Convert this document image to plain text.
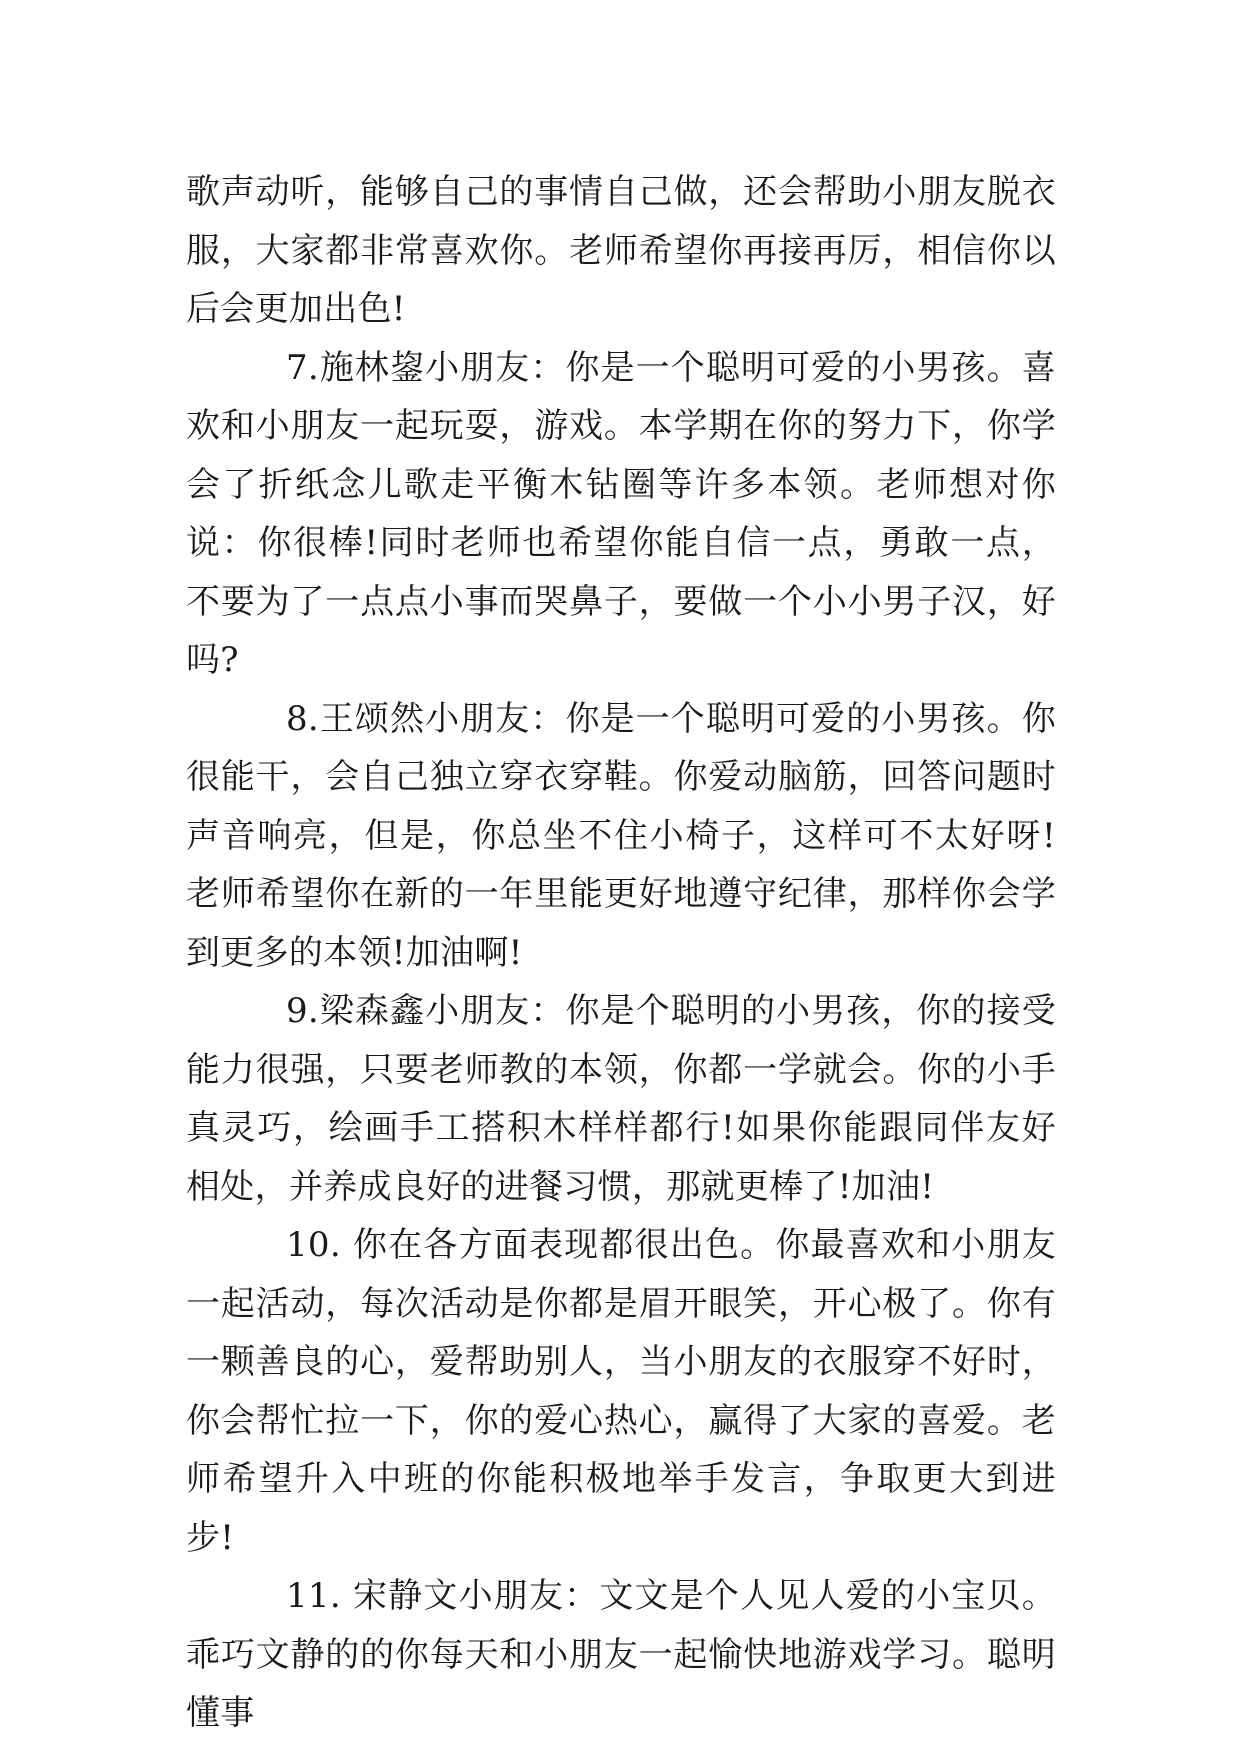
歌声动听，能够自己的事情自己做，还会帮助小朋友脱衣服，大家都非常喜欢你。老师希望你再接再厉，相信你以后会更加出色!

7.施林鋆小朋友：你是一个聪明可爱的小男孩。喜欢和小朋友一起玩耍，游戏。本学期在你的努力下，你学会了折纸念儿歌走平衡木钻圈等许多本领。老师想对你说：你很棒!同时老师也希望你能自信一点，勇敢一点，不要为了一点点小事而哭鼻子，要做一个小小男子汉，好吗?

8.王颂然小朋友：你是一个聪明可爱的小男孩。你很能干，会自己独立穿衣穿鞋。你爱动脑筋，回答问题时声音响亮，但是，你总坐不住小椅子，这样可不太好呀!老师希望你在新的一年里能更好地遵守纪律，那样你会学到更多的本领!加油啊!

9.梁森鑫小朋友：你是个聪明的小男孩，你的接受能力很强，只要老师教的本领，你都一学就会。你的小手真灵巧，绘画手工搭积木样样都行!如果你能跟同伴友好相处，并养成良好的进餐习惯，那就更棒了!加油!

10. 你在各方面表现都很出色。你最喜欢和小朋友一起活动，每次活动是你都是眉开眼笑，开心极了。你有一颗善良的心，爱帮助别人，当小朋友的衣服穿不好时，你会帮忙拉一下，你的爱心热心，赢得了大家的喜爱。老师希望升入中班的你能积极地举手发言，争取更大到进步!

11. 宋静文小朋友：文文是个人见人爱的小宝贝。乖巧文静的的你每天和小朋友一起愉快地游戏学习。聪明懂事
